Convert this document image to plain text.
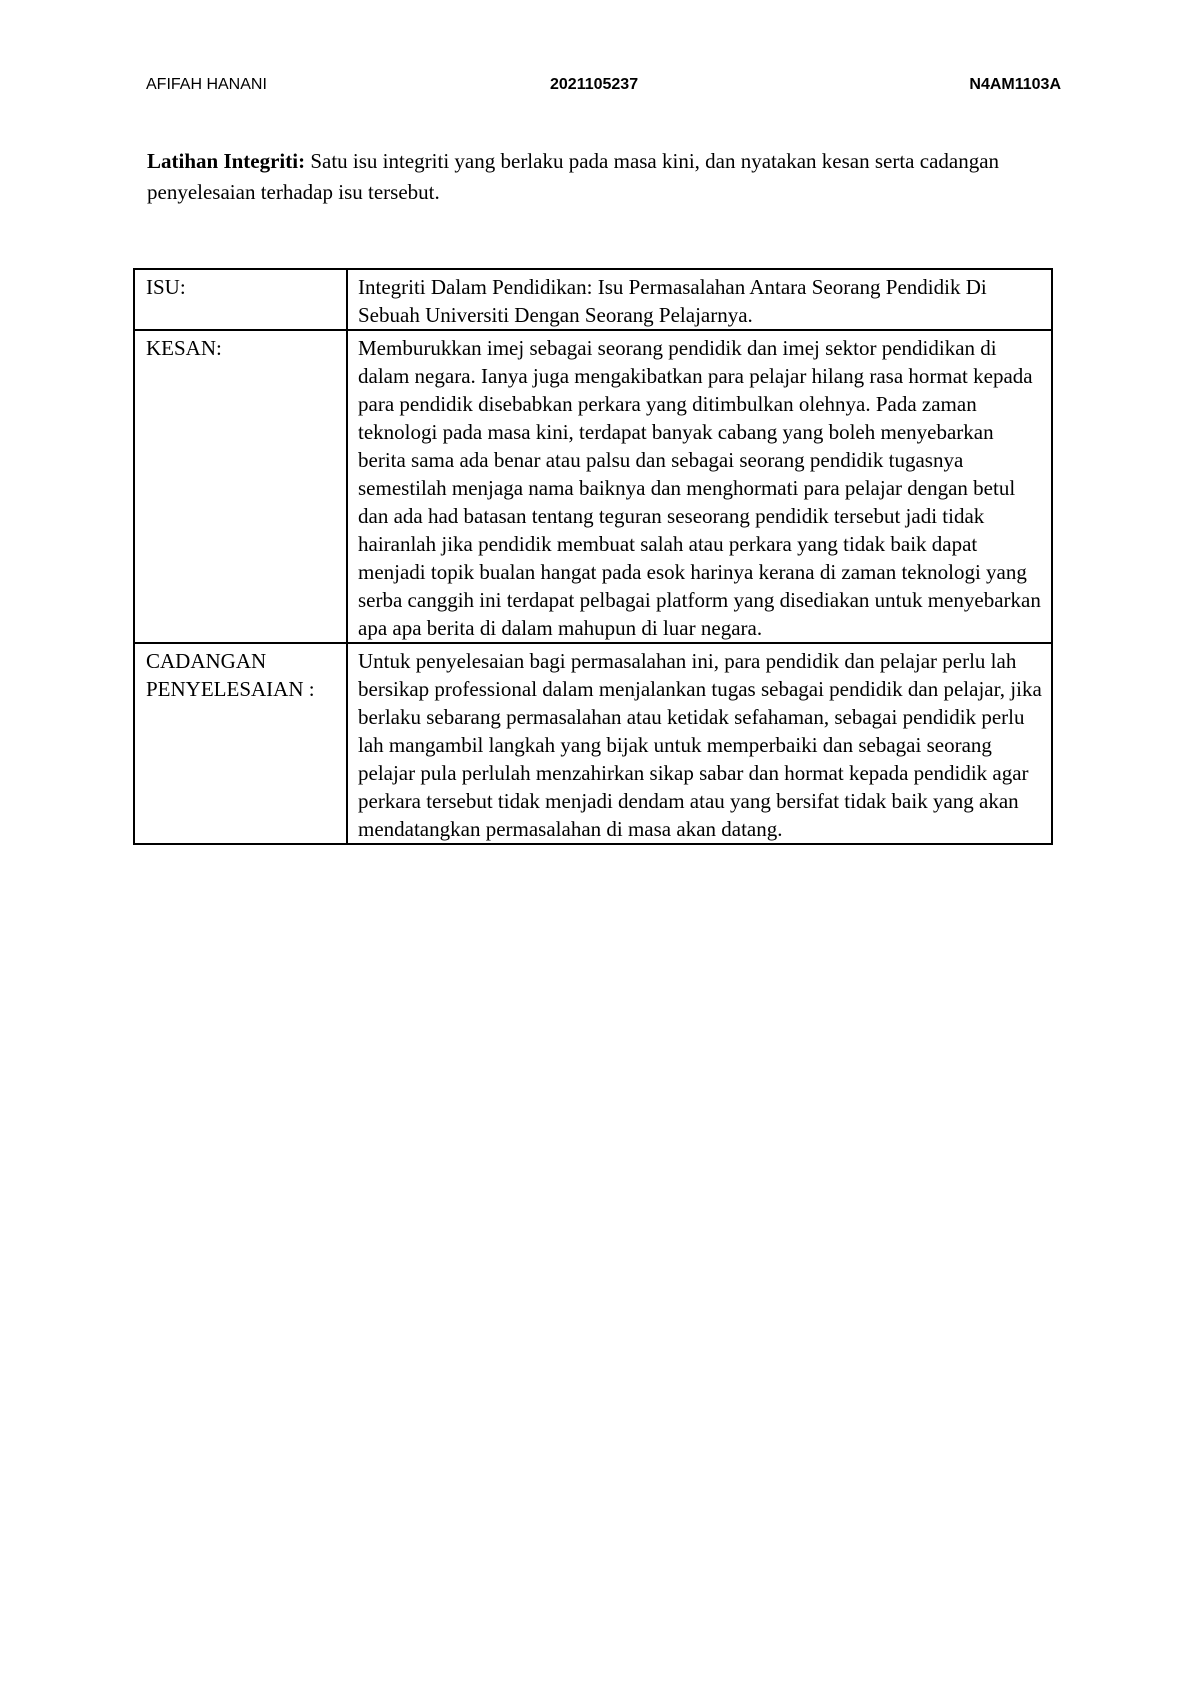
AFIFAH HANANI	2021105237	N4AM1103A
Latihan Integriti: Satu isu integriti yang berlaku pada masa kini, dan nyatakan kesan serta cadangan penyelesaian terhadap isu tersebut.
ISU:	Integriti Dalam Pendidikan: Isu Permasalahan Antara Seorang Pendidik Di Sebuah Universiti Dengan Seorang Pelajarnya.
KESAN:	Memburukkan imej sebagai seorang pendidik dan imej sektor pendidikan di dalam negara. Ianya juga mengakibatkan para pelajar hilang rasa hormat kepada para pendidik disebabkan perkara yang ditimbulkan olehnya. Pada zaman teknologi pada masa kini, terdapat banyak cabang yang boleh menyebarkan berita sama ada benar atau palsu dan sebagai seorang pendidik tugasnya semestilah menjaga nama baiknya dan menghormati para pelajar dengan betul dan ada had batasan tentang teguran seseorang pendidik tersebut jadi tidak hairanlah jika pendidik membuat salah atau perkara yang tidak baik dapat menjadi topik bualan hangat pada esok harinya kerana di zaman teknologi yang serba canggih ini terdapat pelbagai platform yang disediakan untuk menyebarkan apa apa berita di dalam mahupun di luar negara.
CADANGAN PENYELESAIAN :	Untuk penyelesaian bagi permasalahan ini, para pendidik dan pelajar perlu lah bersikap professional dalam menjalankan tugas sebagai pendidik dan pelajar, jika berlaku sebarang permasalahan atau ketidak sefahaman, sebagai pendidik perlu lah mangambil langkah yang bijak untuk memperbaiki dan sebagai seorang pelajar pula perlulah menzahirkan sikap sabar dan hormat kepada pendidik agar perkara tersebut tidak menjadi dendam atau yang bersifat tidak baik yang akan mendatangkan permasalahan di masa akan datang.
